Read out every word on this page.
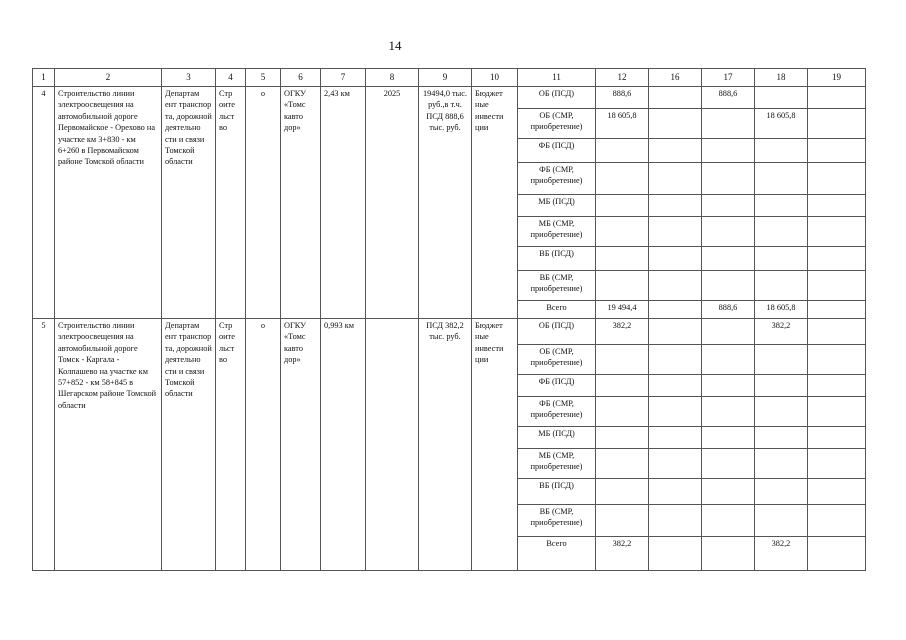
14
1	2	3	4	5	6	7	8	9	10	11	12	16	17	18	19
4	Строительство линии электроосвещения на автомобильной дороге Первомайское - Орехово на участке км 3+830 - км 6+260 в Первомайском районе Томской области	Департам ент транспор та, дорожной деятельно сти и связи Томской области	Стр оите льст во	о	ОГКУ «Томс кавто дор»	2,43 км	2025	19494,0 тыс. руб.,в т.ч. ПСД 888,6 тыс. руб.	Бюджет ные инвести ции	ОБ (ПСД)	888,6		888,6		
										ОБ (СМР, приобретение)	18 605,8			18 605,8	
										ФБ (ПСД)					
										ФБ (СМР, приобретение)					
										МБ (ПСД)					
										МБ (СМР, приобретение)					
										ВБ (ПСД)					
										ВБ (СМР, приобретение)					
										Всего	19 494,4		888,6	18 605,8	
5	Строительство линии электроосвещения на автомобильной дороге Томск - Каргала - Колпашево на участке км 57+852 - км 58+845 в Шегарском районе Томской области	Департам ент транспор та, дорожной деятельно сти и связи Томской области	Стр оите льст во	о	ОГКУ «Томс кавто дор»	0,993 км		ПСД 382,2 тыс. руб.	Бюджет ные инвести ции	ОБ (ПСД)	382,2			382,2	
										ОБ (СМР, приобретение)					
										ФБ (ПСД)					
										ФБ (СМР, приобретение)					
										МБ (ПСД)					
										МБ (СМР, приобретение)					
										ВБ (ПСД)					
										ВБ (СМР, приобретение)					
										Всего	382,2			382,2	
